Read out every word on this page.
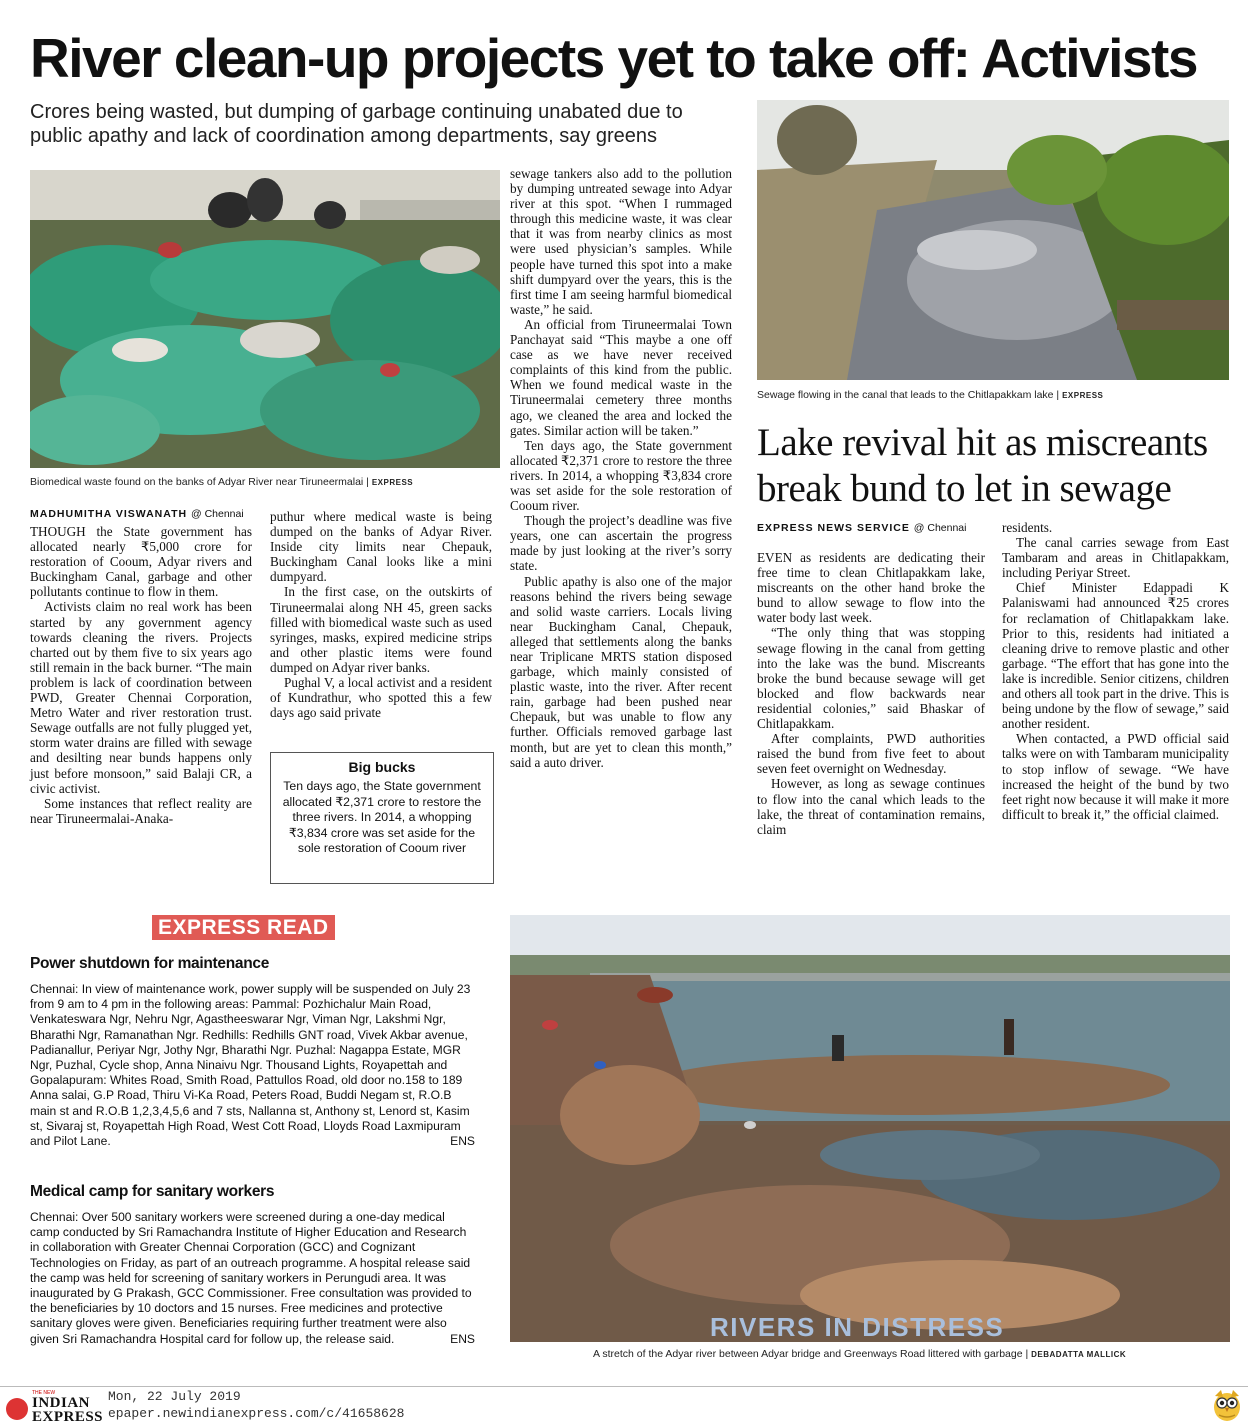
River clean-up projects yet to take off: Activists
Crores being wasted, but dumping of garbage continuing unabated due to public apathy and lack of coordination among departments, say greens
Biomedical waste found on the banks of Adyar River near Tiruneermalai | EXPRESS
MADHUMITHA VISWANATH @ Chennai

THOUGH the State government has allocated nearly ₹5,000 crore for restoration of Cooum, Adyar rivers and Buckingham Canal, garbage and other pollutants continue to flow in them.

Activists claim no real work has been started by any government agency towards cleaning the rivers. Projects charted out by them five to six years ago still remain in the back burner. “The main problem is lack of coordination between PWD, Greater Chennai Corporation, Metro Water and river restoration trust. Sewage outfalls are not fully plugged yet, storm water drains are filled with sewage and desilting near bunds happens only just before monsoon,” said Balaji CR, a civic activist.

Some instances that reflect reality are near Tiruneermalai-Anaka-

puthur where medical waste is being dumped on the banks of Adyar River. Inside city limits near Chepauk, Buckingham Canal looks like a mini dumpyard.

In the first case, on the outskirts of Tiruneermalai along NH 45, green sacks filled with biomedical waste such as used syringes, masks, expired medicine strips and other plastic items were found dumped on Adyar river banks.

Pughal V, a local activist and a resident of Kundrathur, who spotted this a few days ago said private

sewage tankers also add to the pollution by dumping untreated sewage into Adyar river at this spot. “When I rummaged through this medicine waste, it was clear that it was from nearby clinics as most were used physician’s samples. While people have turned this spot into a make shift dumpyard over the years, this is the first time I am seeing harmful biomedical waste,” he said.

An official from Tiruneermalai Town Panchayat said “This maybe a one off case as we have never received complaints of this kind from the public. When we found medical waste in the Tiruneermalai cemetery three months ago, we cleaned the area and locked the gates. Similar action will be taken.”

Ten days ago, the State government allocated ₹2,371 crore to restore the three rivers. In 2014, a whopping ₹3,834 crore was set aside for the sole restoration of Cooum river.

Though the project’s deadline was five years, one can ascertain the progress made by just looking at the river’s sorry state.

Public apathy is also one of the major reasons behind the rivers being sewage and solid waste carriers. Locals living near Buckingham Canal, Chepauk, alleged that settlements along the banks near Triplicane MRTS station disposed garbage, which mainly consisted of plastic waste, into the river. After recent rain, garbage had been pushed near Chepauk, but was unable to flow any further. Officials removed garbage last month, but are yet to clean this month,” said a auto driver.

Big bucks
Ten days ago, the State government allocated ₹2,371 crore to restore the three rivers. In 2014, a whopping ₹3,834 crore was set aside for the sole restoration of Cooum river
Sewage flowing in the canal that leads to the Chitlapakkam lake | EXPRESS
Lake revival hit as miscreants break bund to let in sewage
EXPRESS NEWS SERVICE @ Chennai

EVEN as residents are dedicating their free time to clean Chitlapakkam lake, miscreants on the other hand broke the bund to allow sewage to flow into the water body last week.

“The only thing that was stopping sewage flowing in the canal from getting into the lake was the bund. Miscreants broke the bund because sewage will get blocked and flow backwards near residential colonies,” said Bhaskar of Chitlapakkam.

After complaints, PWD authorities raised the bund from five feet to about seven feet overnight on Wednesday.

However, as long as sewage continues to flow into the canal which leads to the lake, the threat of contamination remains, claim

residents.

The canal carries sewage from East Tambaram and areas in Chitlapakkam, including Periyar Street.

Chief Minister Edappadi K Palaniswami had announced ₹25 crores for reclamation of Chitlapakkam lake. Prior to this, residents had initiated a cleaning drive to remove plastic and other garbage. “The effort that has gone into the lake is incredible. Senior citizens, children and others all took part in the drive. This is being undone by the flow of sewage,” said another resident.

When contacted, a PWD official said talks were on with Tambaram municipality to stop inflow of sewage. “We have increased the height of the bund by two feet right now because it will make it more difficult to break it,” the official claimed.

EXPRESS READ
Power shutdown for maintenance
Chennai: In view of maintenance work, power supply will be suspended on July 23 from 9 am to 4 pm in the following areas: Pammal: Pozhichalur Main Road, Venkateswara Ngr, Nehru Ngr, Agastheeswarar Ngr, Viman Ngr, Lakshmi Ngr, Bharathi Ngr, Ramanathan Ngr. Redhills: Redhills GNT road, Vivek Akbar avenue, Padianallur, Periyar Ngr, Jothy Ngr, Bharathi Ngr. Puzhal: Nagappa Estate, MGR Ngr, Puzhal, Cycle shop, Anna Ninaivu Ngr. Thousand Lights, Royapettah and Gopalapuram: Whites Road, Smith Road, Pattullos Road, old door no.158 to 189 Anna salai, G.P Road, Thiru Vi-Ka Road, Peters Road, Buddi Negam st, R.O.B main st and R.O.B 1,2,3,4,5,6 and 7 sts, Nallanna st, Anthony st, Lenord st, Kasim st, Sivaraj st, Royapettah High Road, West Cott Road, Lloyds Road Laxmipuram and Pilot Lane.	ENS
Medical camp for sanitary workers
Chennai: Over 500 sanitary workers were screened during a one-day medical camp conducted by Sri Ramachandra Institute of Higher Education and Research in collaboration with Greater Chennai Corporation (GCC) and Cognizant Technologies on Friday, as part of an outreach programme. A hospital release said the camp was held for screening of sanitary workers in Perungudi area. It was inaugurated by G Prakash, GCC Commissioner. Free consultation was provided to the beneficiaries by 10 doctors and 15 nurses. Free medicines and protective sanitary gloves were given. Beneficiaries requiring further treatment were also given Sri Ramachandra Hospital card for follow up, the release said.	ENS	RIVERS IN DISTRESS
A stretch of the Adyar river between Adyar bridge and Greenways Road littered with garbage | DEBADATTA MALLICK
THE NEW
INDIAN
EXPRESS
Mon, 22 July 2019
epaper.newindianexpress.com/c/41658628
